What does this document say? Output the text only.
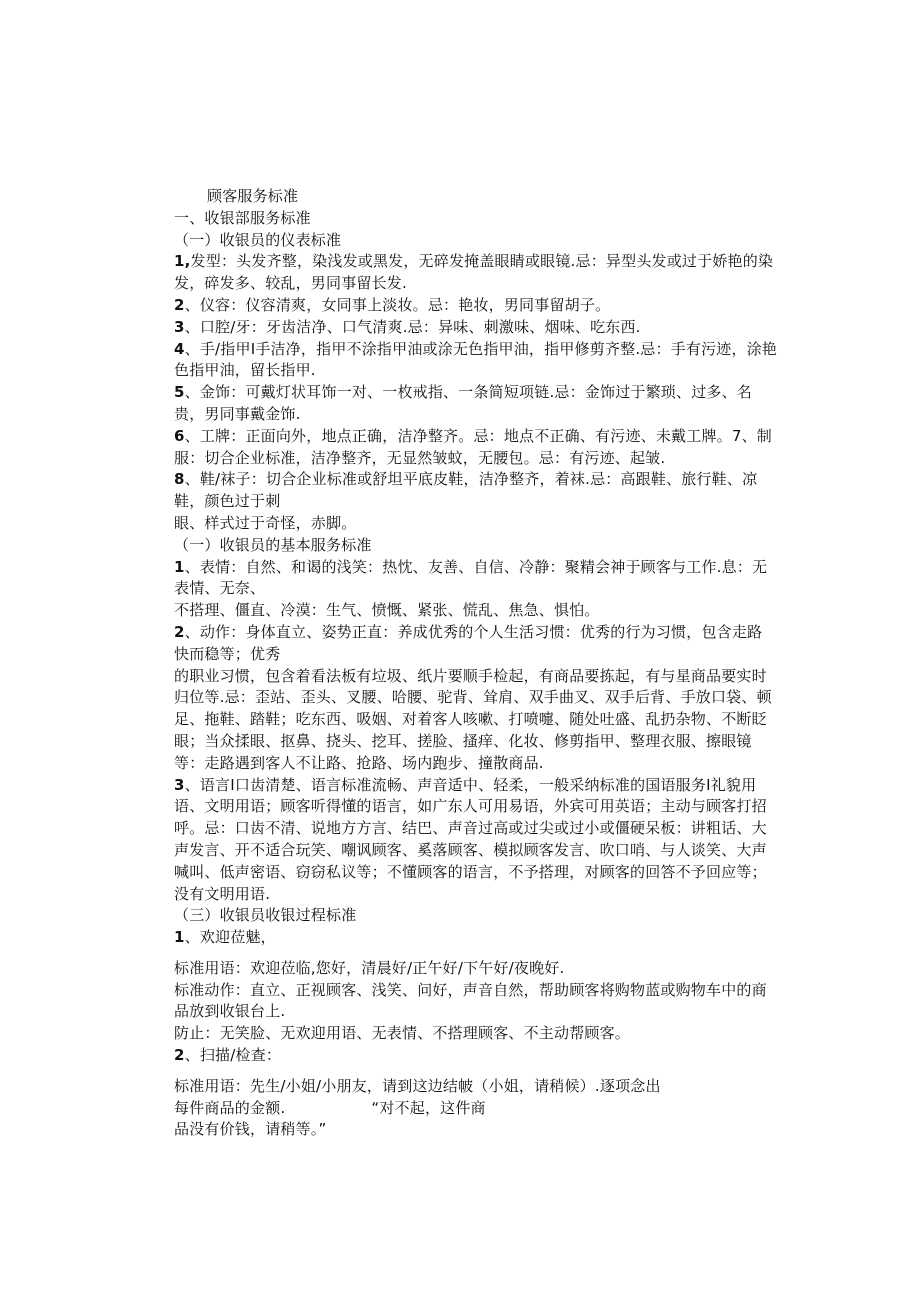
顾客服务标准
一、收银部服务标准
（一）收银员的仪表标准
1,发型：头发齐整，染浅发或黑发，无碎发掩盖眼睛或眼镜.忌：异型头发或过于娇艳的染
发，碎发多、较乱，男同事留长发.
2、仪容：仪容清爽，女同事上淡妆。忌：艳妆，男同事留胡子。
3、口腔/牙：牙齿洁净、口气清爽.忌：异味、刺激味、烟味、吃东西.
4、手/指甲I手洁净，指甲不涂指甲油或涂无色指甲油，指甲修剪齐整.忌：手有污迹，涂艳
色指甲油，留长指甲.
5、金饰：可戴灯状耳饰一对、一枚戒指、一条简短项链.忌：金饰过于繁琐、过多、名
贵，男同事戴金饰.
6、工牌：正面向外，地点正确，洁净整齐。忌：地点不正确、有污迹、未戴工牌。7、制
服：切合企业标准，洁净整齐，无显然皱蚊，无腰包。忌：有污迹、起皱.
8、鞋/袜子：切合企业标准或舒坦平底皮鞋，洁净整齐，着袜.忌：高跟鞋、旅行鞋、凉
鞋，颜色过于刺
眼、样式过于奇怪，赤脚。
（一）收银员的基本服务标准
1、表情：自然、和谒的浅笑：热忱、友善、自信、冷静：聚精会神于顾客与工作.息：无
表情、无奈、
不搭理、僵直、冷漠：生气、愤慨、紧张、慌乱、焦急、惧怕。
2、动作：身体直立、姿势正直：养成优秀的个人生活习惯：优秀的行为习惯，包含走路
快而稳等；优秀
的职业习惯，包含着看法板有垃圾、纸片要顺手检起，有商品要拣起，有与星商品要实时
归位等.忌：歪站、歪头、叉腰、哈腰、驼背、耸肩、双手曲叉、双手后背、手放口袋、顿
足、拖鞋、踏鞋；吃东西、吸姻、对着客人咳嗽、打喷嚏、随处吐盛、乱扔杂物、不断眨
眼；当众揉眼、抠鼻、挠头、挖耳、搓脸、搔痒、化妆、修剪指甲、整理衣服、擦眼镜
等：走路遇到客人不让路、抢路、场内跑步、撞散商品.
3、语言I口齿清楚、语言标准流畅、声音适中、轻柔，一般采纳标准的国语服务I礼貌用
语、文明用语；顾客听得懂的语言，如广东人可用易语，外宾可用英语；主动与顾客打招
呼。忌：口齿不清、说地方方言、结巴、声音过高或过尖或过小或僵硬呆板：讲粗话、大
声发言、开不适合玩笑、嘲讽顾客、奚落顾客、模拟顾客发言、吹口哨、与人谈笑、大声
喊叫、低声密语、窃窃私议等；不懂顾客的语言，不予搭理，对顾客的回答不予回应等；
没有文明用语.
（三）收银员收银过程标准
1、欢迎莅魅，
标准用语：欢迎莅临,您好，清晨好/正午好/下午好/夜晚好.
标准动作：直立、正视顾客、浅笑、问好，声音自然，帮助顾客将购物蓝或购物车中的商
品放到收银台上.
防止：无笑脸、无欢迎用语、无表情、不搭理顾客、不主动帮顾客。
2、扫描/检查：
标准用语：先生/小姐/小朋友，请到这边结帔（小姐，请稍候）.逐项念出
每件商品的金额.	“对不起，这件商
品没有价钱，请稍等。”
